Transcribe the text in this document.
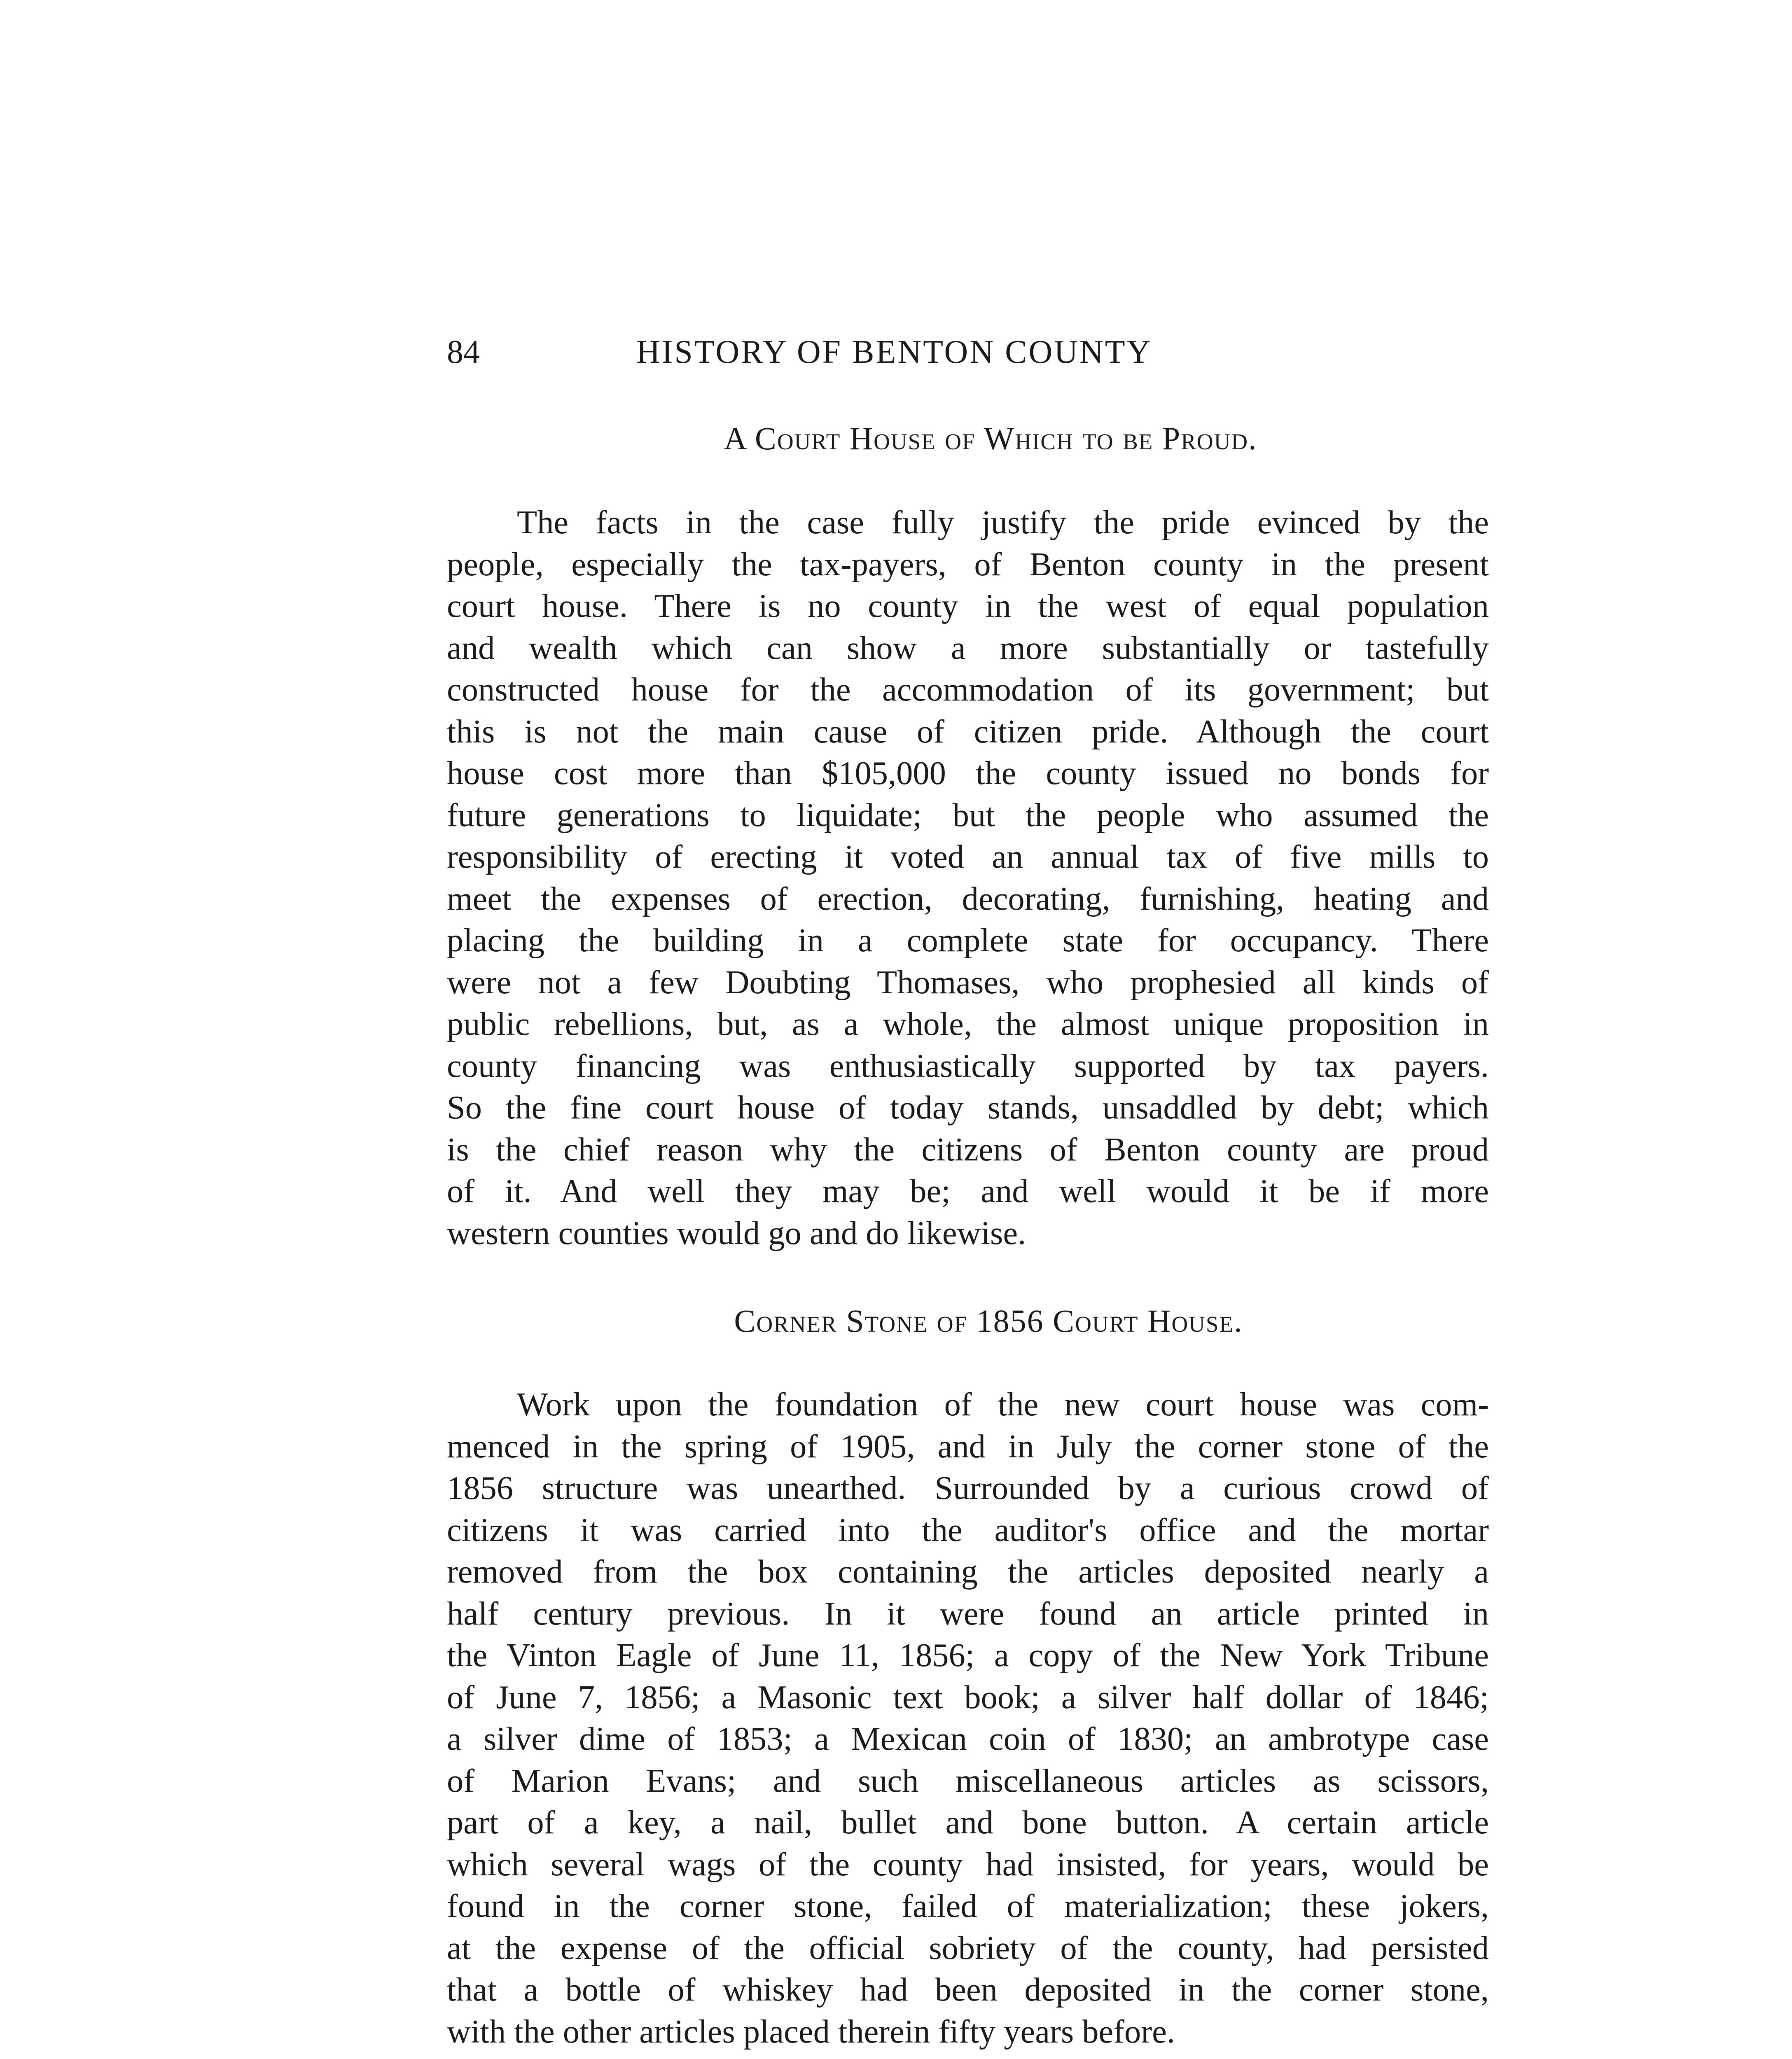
84	HISTORY OF BENTON COUNTY
A Court House of Which to be Proud.
The facts in the case fully justify the pride evinced by the
people, especially the tax-payers, of Benton county in the present
court house. There is no county in the west of equal population
and wealth which can show a more substantially or tastefully
constructed house for the accommodation of its government; but
this is not the main cause of citizen pride. Although the court
house cost more than $105,000 the county issued no bonds for
future generations to liquidate; but the people who assumed the
responsibility of erecting it voted an annual tax of five mills to
meet the expenses of erection, decorating, furnishing, heating and
placing the building in a complete state for occupancy. There
were not a few Doubting Thomases, who prophesied all kinds of
public rebellions, but, as a whole, the almost unique proposition in
county financing was enthusiastically supported by tax payers.
So the fine court house of today stands, unsaddled by debt; which
is the chief reason why the citizens of Benton county are proud
of it. And well they may be; and well would it be if more
western counties would go and do likewise.
Corner Stone of 1856 Court House.
Work upon the foundation of the new court house was com-
menced in the spring of 1905, and in July the corner stone of the
1856 structure was unearthed. Surrounded by a curious crowd of
citizens it was carried into the auditor's office and the mortar
removed from the box containing the articles deposited nearly a
half century previous. In it were found an article printed in
the Vinton Eagle of June 11, 1856; a copy of the New York Tribune
of June 7, 1856; a Masonic text book; a silver half dollar of 1846;
a silver dime of 1853; a Mexican coin of 1830; an ambrotype case
of Marion Evans; and such miscellaneous articles as scissors,
part of a key, a nail, bullet and bone button. A certain article
which several wags of the county had insisted, for years, would be
found in the corner stone, failed of materialization; these jokers,
at the expense of the official sobriety of the county, had persisted
that a bottle of whiskey had been deposited in the corner stone,
with the other articles placed therein fifty years before.
